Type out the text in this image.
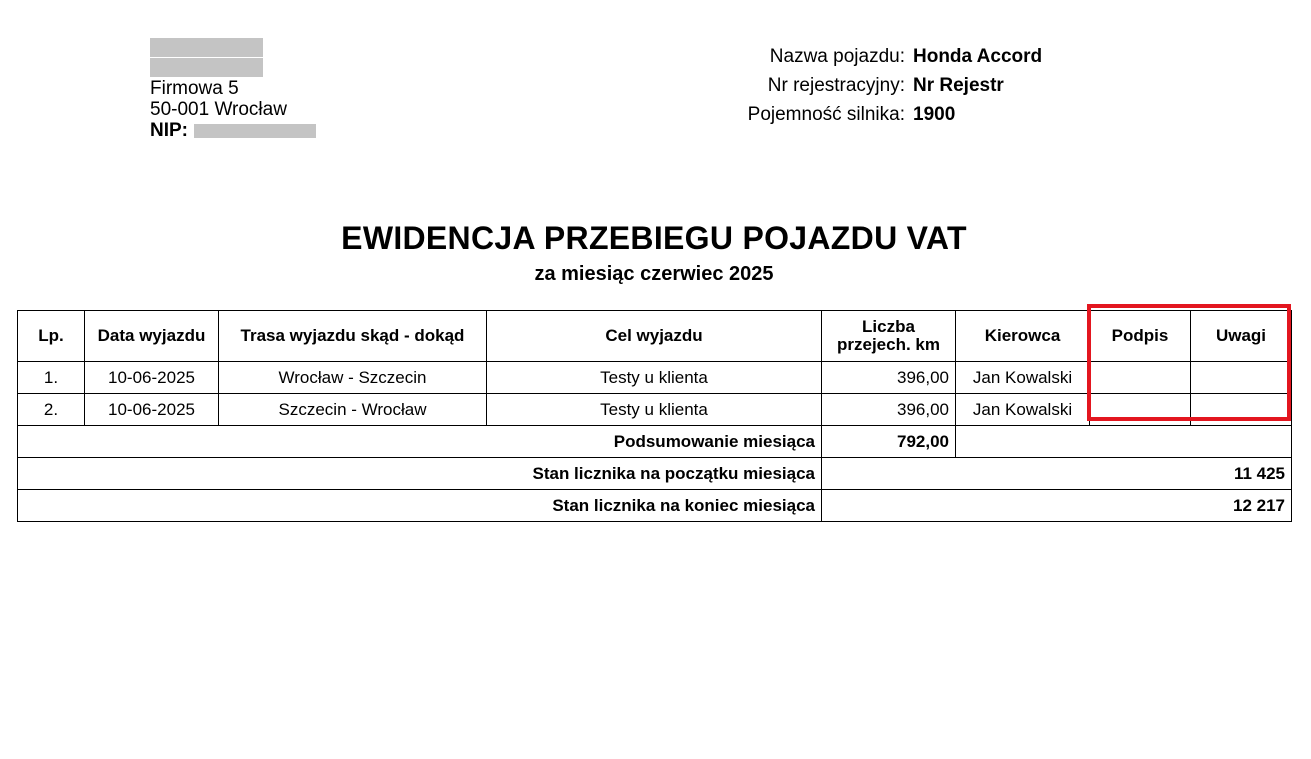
Firmowa 5
50-001 Wrocław
NIP:
Nazwa pojazdu: Honda Accord
Nr rejestracyjny: Nr Rejestr
Pojemność silnika: 1900
EWIDENCJA PRZEBIEGU POJAZDU VAT
za miesiąc czerwiec 2025
Lp.	Data wyjazdu	Trasa wyjazdu skąd - dokąd	Cel wyjazdu	Liczba
przejech. km	Kierowca	Podpis	Uwagi
1.	10-06-2025	Wrocław - Szczecin	Testy u klienta	396,00	Jan Kowalski		
2.	10-06-2025	Szczecin - Wrocław	Testy u klienta	396,00	Jan Kowalski		
Podsumowanie miesiąca				792,00			
Stan licznika na początku miesiąca				11 425			
Stan licznika na koniec miesiąca				12 217			
